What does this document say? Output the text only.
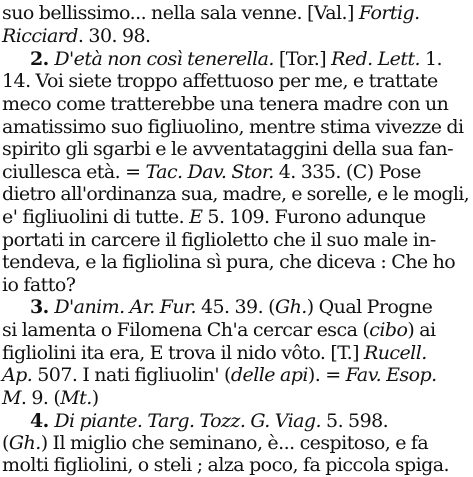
suo bellissimo... nella sala venne. [Val.] Fortig.
Ricciard. 30. 98.
2. D'età non così tenerella. [Tor.] Red. Lett. 1.
14. Voi siete troppo affettuoso per me, e trattate
meco come tratterebbe una tenera madre con un
amatissimo suo figliuolino, mentre stima vivezze di
spirito gli sgarbi e le avventataggini della sua fan-
ciullesca età. = Tac. Dav. Stor. 4. 335. (C) Pose
dietro all'ordinanza sua, madre, e sorelle, e le mogli,
e' figliuolini di tutte. E 5. 109. Furono adunque
portati in carcere il figlioletto che il suo male in-
tendeva, e la figliolina sì pura, che diceva : Che ho
io fatto?
3. D'anim. Ar. Fur. 45. 39. (Gh.) Qual Progne
si lamenta o Filomena Ch'a cercar esca (cibo) ai
figliolini ita era, E trova il nido vôto. [T.] Rucell.
Ap. 507. I nati figliuolin' (delle api). = Fav. Esop.
M. 9. (Mt.)
4. Di piante. Targ. Tozz. G. Viag. 5. 598.
(Gh.) Il miglio che seminano, è... cespitoso, e fa
molti figliolini, o steli ; alza poco, fa piccola spiga.
